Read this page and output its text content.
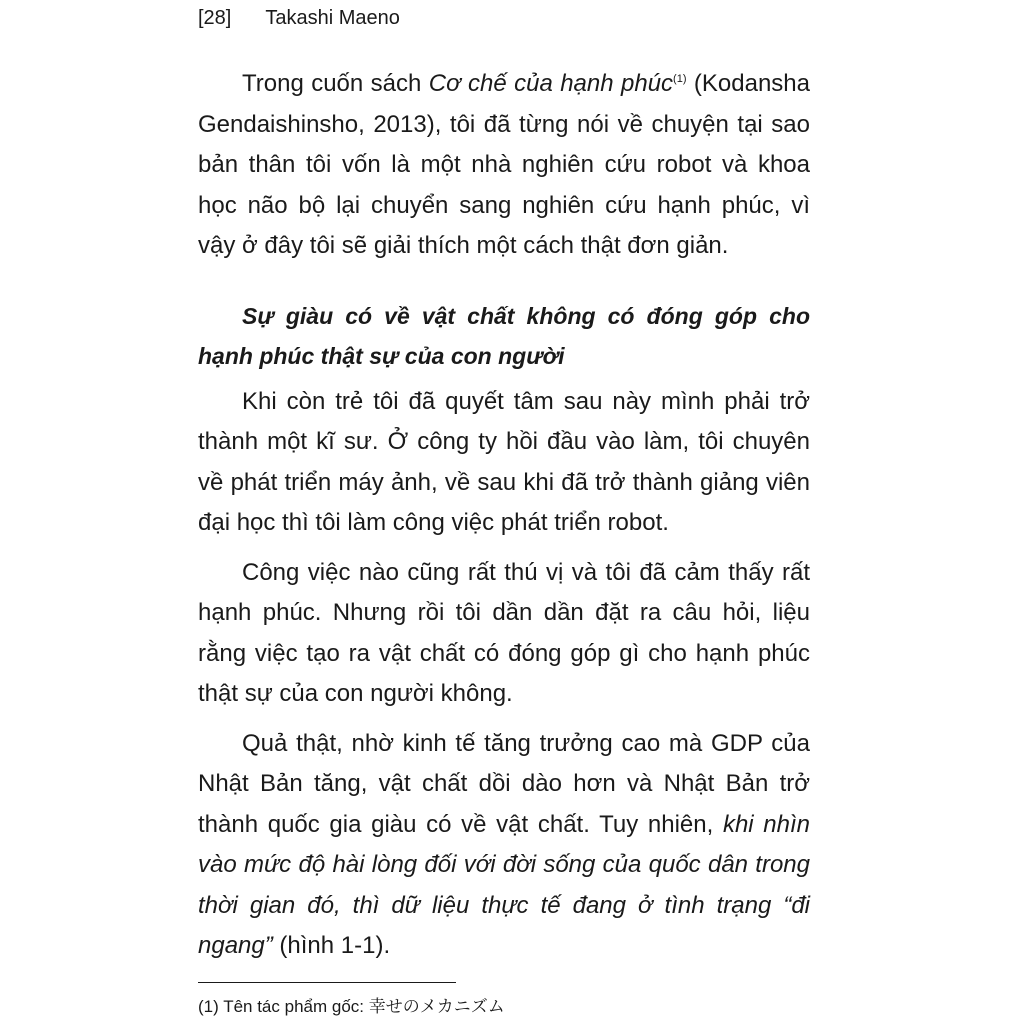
[28] Takashi Maeno

Trong cuốn sách Cơ chế của hạnh phúc$^{(1)}$ (Kodansha Gendaishinsho, 2013), tôi đã từng nói về chuyện tại sao bản thân tôi vốn là một nhà nghiên cứu robot và khoa học não bộ lại chuyển sang nghiên cứu hạnh phúc, vì vậy ở đây tôi sẽ giải thích một cách thật đơn giản.

Sự giàu có về vật chất không có đóng góp cho hạnh phúc thật sự của con người

Khi còn trẻ tôi đã quyết tâm sau này mình phải trở thành một kĩ sư. Ở công ty hồi đầu vào làm, tôi chuyên về phát triển máy ảnh, về sau khi đã trở thành giảng viên đại học thì tôi làm công việc phát triển robot.

Công việc nào cũng rất thú vị và tôi đã cảm thấy rất hạnh phúc. Nhưng rồi tôi dần dần đặt ra câu hỏi, liệu rằng việc tạo ra vật chất có đóng góp gì cho hạnh phúc thật sự của con người không.

Quả thật, nhờ kinh tế tăng trưởng cao mà GDP của Nhật Bản tăng, vật chất dồi dào hơn và Nhật Bản trở thành quốc gia giàu có về vật chất. Tuy nhiên, khi nhìn vào mức độ hài lòng đối với đời sống của quốc dân trong thời gian đó, thì dữ liệu thực tế đang ở tình trạng “đi ngang” (hình 1-1).

(1) Tên tác phẩm gốc: 幸せのメカニズム
